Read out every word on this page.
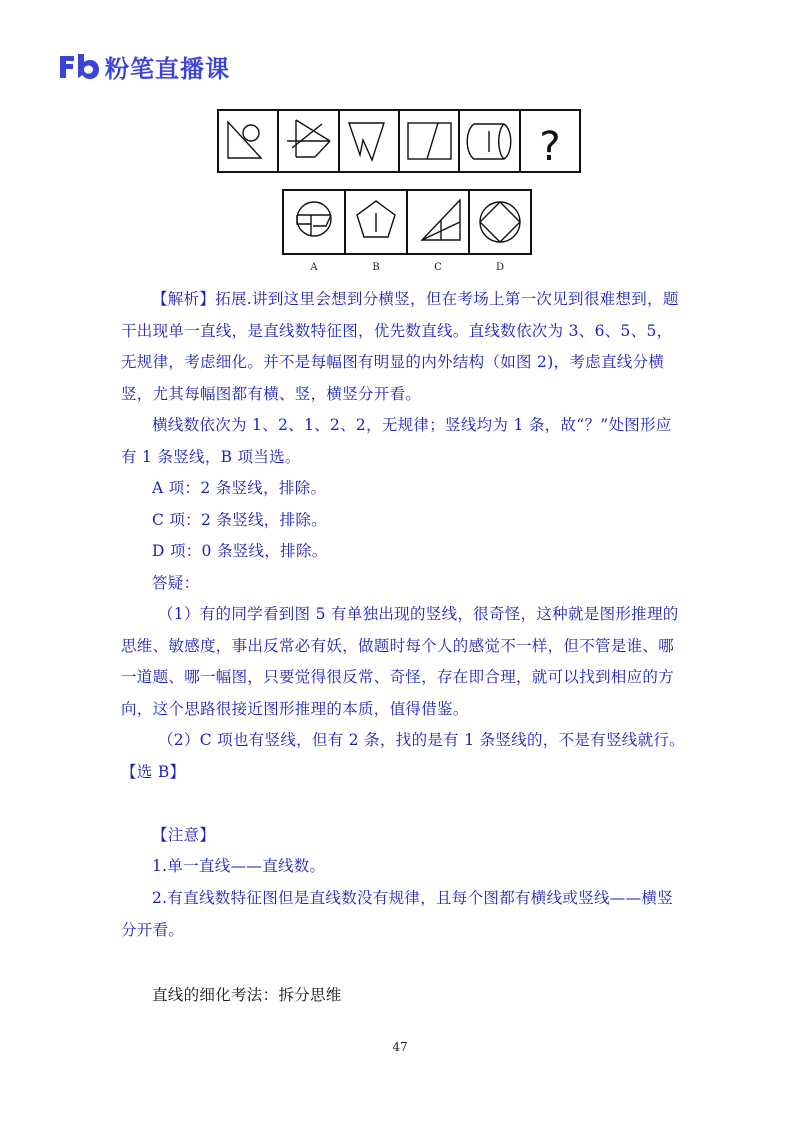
粉笔直播课
?
A	B	C	D

【解析】拓展.讲到这里会想到分横竖，但在考场上第一次见到很难想到，题干出现单一直线，是直线数特征图，优先数直线。直线数依次为 3、6、5、5，无规律，考虑细化。并不是每幅图有明显的内外结构（如图 2)，考虑直线分横竖，尤其每幅图都有横、竖，横竖分开看。

横线数依次为 1、2、1、2、2，无规律；竖线均为 1 条，故“？”处图形应有 1 条竖线，B 项当选。

A 项：2 条竖线，排除。

C 项：2 条竖线，排除。

D 项：0 条竖线，排除。

答疑：

（1）有的同学看到图 5 有单独出现的竖线，很奇怪，这种就是图形推理的思维、敏感度，事出反常必有妖，做题时每个人的感觉不一样，但不管是谁、哪一道题、哪一幅图，只要觉得很反常、奇怪，存在即合理，就可以找到相应的方向，这个思路很接近图形推理的本质，值得借鉴。

（2）C 项也有竖线，但有 2 条，找的是有 1 条竖线的，不是有竖线就行。【选 B】

【注意】

1.单一直线——直线数。

2.有直线数特征图但是直线数没有规律，且每个图都有横线或竖线——横竖分开看。

直线的细化考法：拆分思维

47
